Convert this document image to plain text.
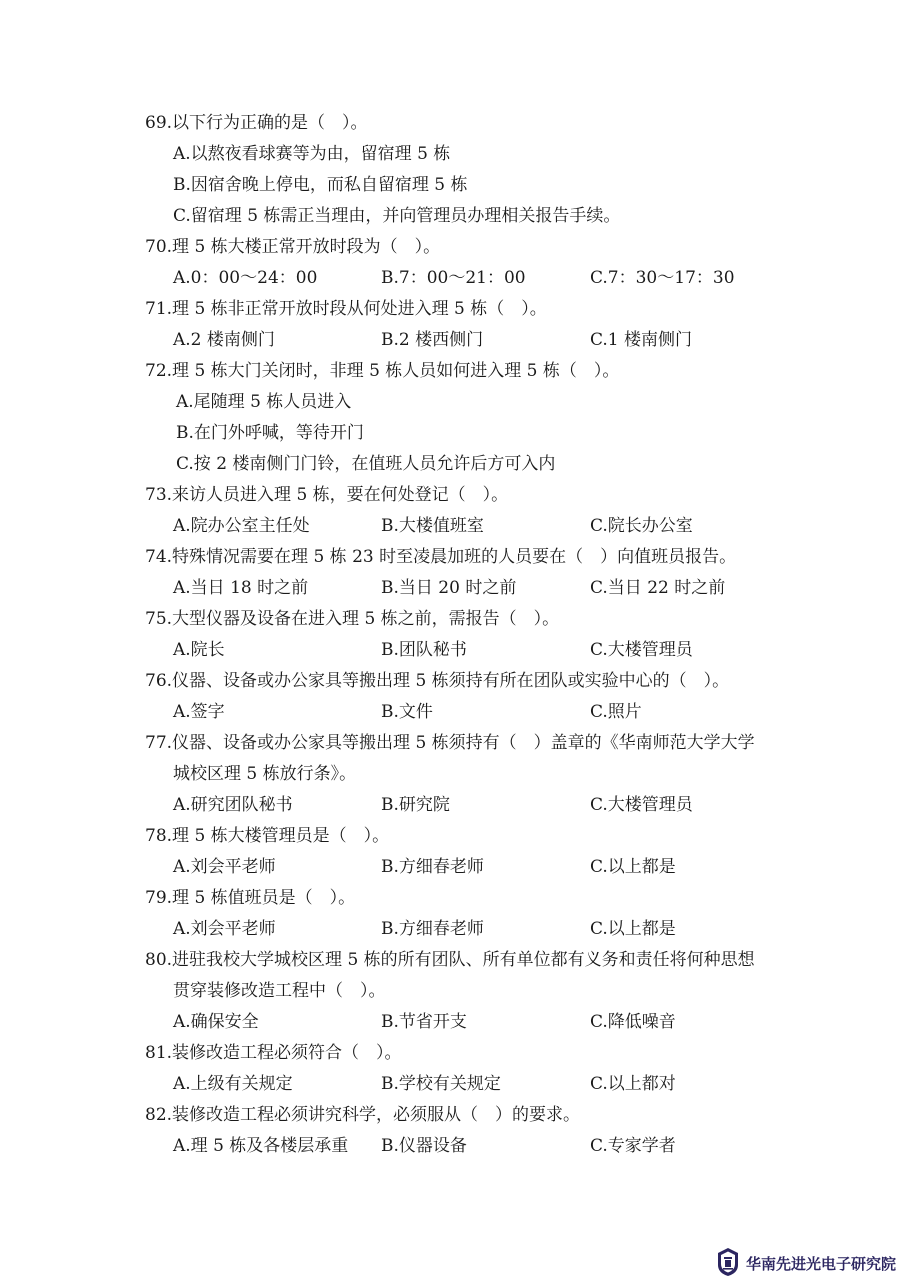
69.以下行为正确的是（　）。
A.以熬夜看球赛等为由，留宿理 5 栋
B.因宿舍晚上停电，而私自留宿理 5 栋
C.留宿理 5 栋需正当理由，并向管理员办理相关报告手续。
70.理 5 栋大楼正常开放时段为（　）。
A.0：00～24：00	B.7：00～21：00	C.7：30～17：30
71.理 5 栋非正常开放时段从何处进入理 5 栋（　）。
A.2 楼南侧门	B.2 楼西侧门	C.1 楼南侧门
72.理 5 栋大门关闭时，非理 5 栋人员如何进入理 5 栋（　）。
A.尾随理 5 栋人员进入
B.在门外呼喊，等待开门
C.按 2 楼南侧门门铃，在值班人员允许后方可入内
73.来访人员进入理 5 栋，要在何处登记（　）。
A.院办公室主任处	B.大楼值班室	C.院长办公室
74.特殊情况需要在理 5 栋 23 时至凌晨加班的人员要在（　）向值班员报告。
A.当日 18 时之前	B.当日 20 时之前	C.当日 22 时之前
75.大型仪器及设备在进入理 5 栋之前，需报告（　）。
A.院长	B.团队秘书	C.大楼管理员
76.仪器、设备或办公家具等搬出理 5 栋须持有所在团队或实验中心的（　）。
A.签字	B.文件	C.照片
77.仪器、设备或办公家具等搬出理 5 栋须持有（　）盖章的《华南师范大学大学
城校区理 5 栋放行条》。
A.研究团队秘书	B.研究院	C.大楼管理员
78.理 5 栋大楼管理员是（　）。
A.刘会平老师	B.方细春老师	C.以上都是
79.理 5 栋值班员是（　）。
A.刘会平老师	B.方细春老师	C.以上都是
80.进驻我校大学城校区理 5 栋的所有团队、所有单位都有义务和责任将何种思想
贯穿装修改造工程中（　）。
A.确保安全	B.节省开支	C.降低噪音
81.装修改造工程必须符合（　）。
A.上级有关规定	B.学校有关规定	C.以上都对
82.装修改造工程必须讲究科学，必须服从（　）的要求。
A.理 5 栋及各楼层承重 B.仪器设备	C.专家学者
华南先进光电子研究院
